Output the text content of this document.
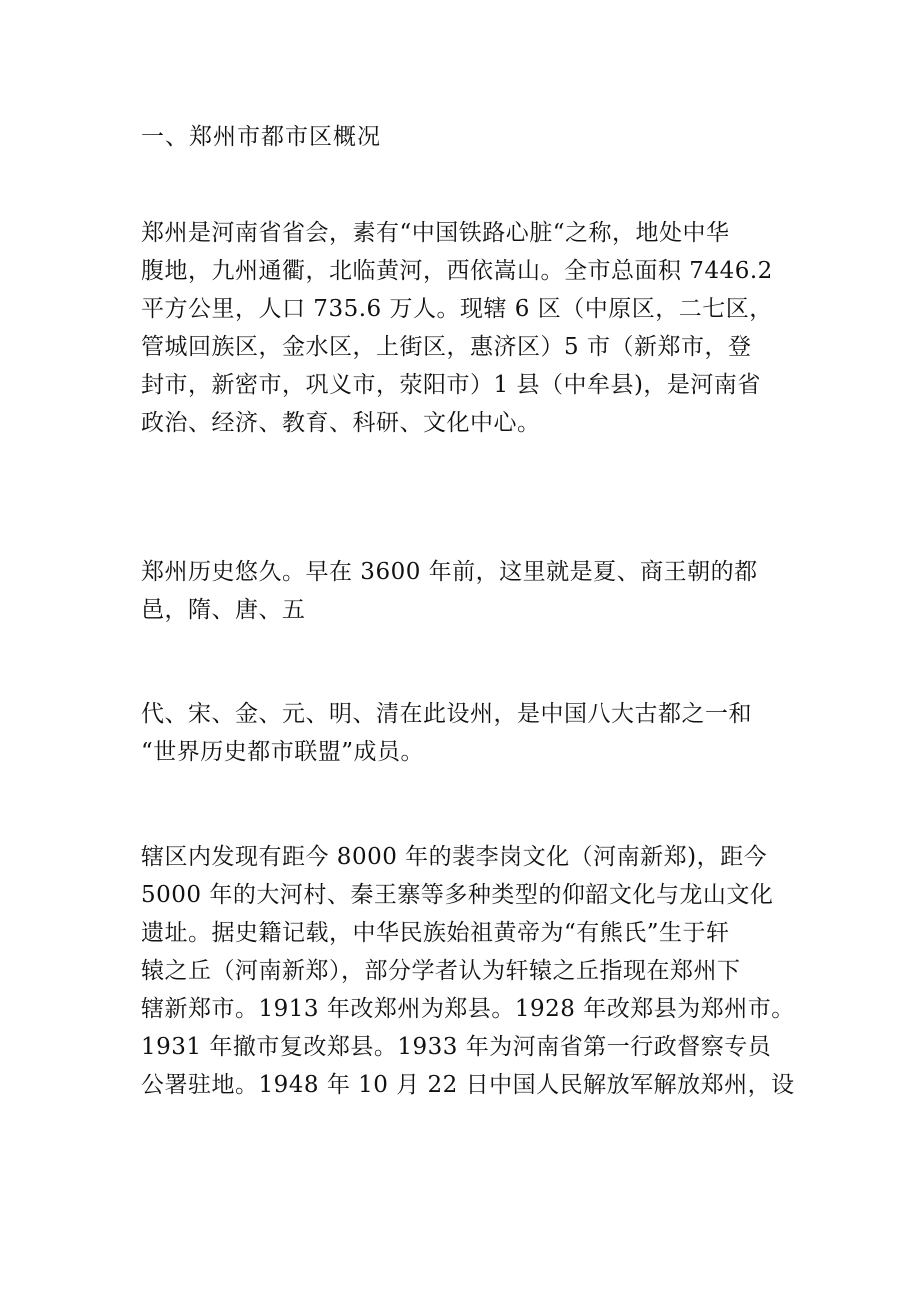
一、郑州市都市区概况
郑州是河南省省会，素有“中国铁路心脏“之称，地处中华
腹地，九州通衢，北临黄河，西依嵩山。全市总面积 7446.2
平方公里，人口 735.6 万人。现辖 6 区（中原区，二七区，
管城回族区，金水区，上街区，惠济区）5 市（新郑市，登
封市，新密市，巩义市，荥阳市）1 县（中牟县)，是河南省
政治、经济、教育、科研、文化中心。
郑州历史悠久。早在 3600 年前，这里就是夏、商王朝的都
邑，隋、唐、五
代、宋、金、元、明、清在此设州，是中国八大古都之一和
“世界历史都市联盟”成员。
辖区内发现有距今 8000 年的裴李岗文化（河南新郑)，距今
5000 年的大河村、秦王寨等多种类型的仰韶文化与龙山文化
遗址。据史籍记载，中华民族始祖黄帝为“有熊氏”生于轩
辕之丘（河南新郑），部分学者认为轩辕之丘指现在郑州下
辖新郑市。1913 年改郑州为郑县。1928 年改郑县为郑州市。
1931 年撤市复改郑县。1933 年为河南省第一行政督察专员
公署驻地。1948 年 10 月 22 日中国人民解放军解放郑州，设
